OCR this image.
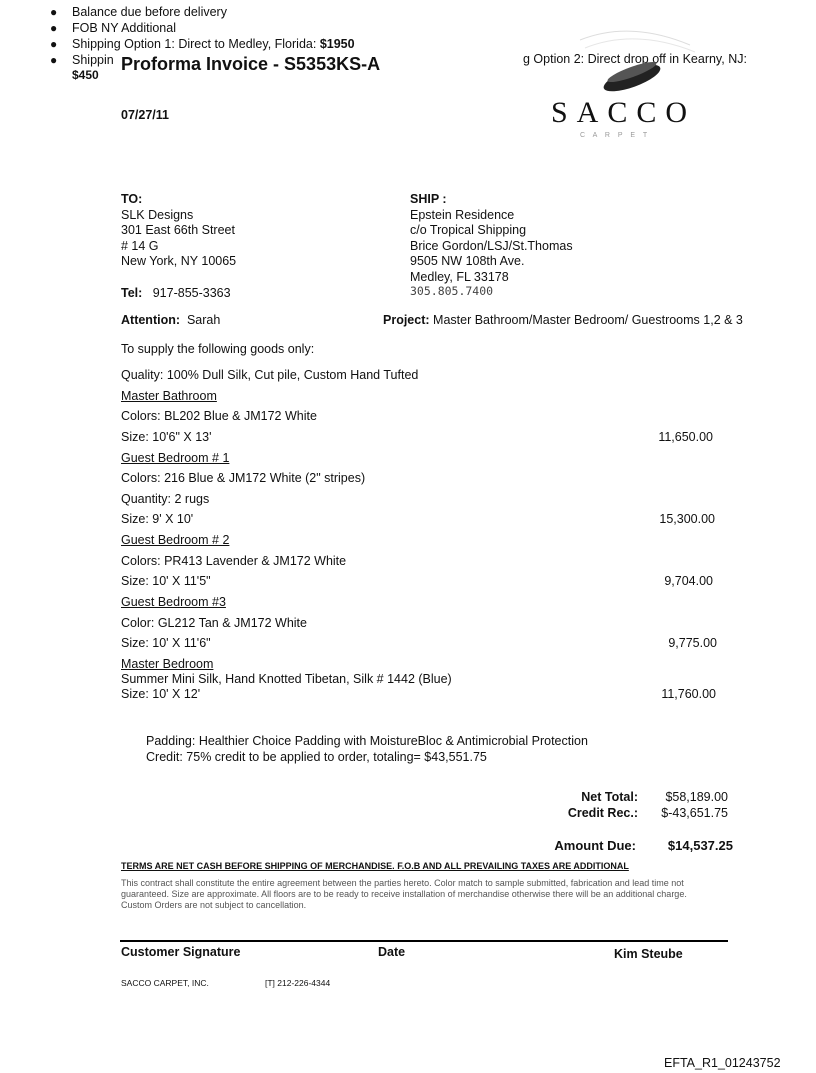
● Balance due before delivery
● FOB NY Additional
● Shipping Option 1: Direct to Medley, Florida: $1950
● Shippin
$450
g Option 2: Direct drop off in Kearny, NJ:
Proforma Invoice - S5353KS-A
SACCO
C A R P E T
07/27/11
TO:
SLK Designs
301 East 66th Street
# 14 G
New York, NY 10065
Tel: 917-855-3363
SHIP :
Epstein Residence
c/o Tropical Shipping
Brice Gordon/LSJ/St.Thomas
9505 NW 108th Ave.
Medley, FL 33178
305.805.7400
Attention: Sarah	Project: Master Bathroom/Master Bedroom/ Guestrooms 1,2 & 3
To supply the following goods only:
Quality: 100% Dull Silk, Cut pile, Custom Hand Tufted
Master Bathroom
Colors: BL202 Blue & JM172 White
Size: 10'6" X 13'	11,650.00
Guest Bedroom # 1
Colors: 216 Blue & JM172 White (2" stripes)
Quantity: 2 rugs
Size: 9' X 10'	15,300.00
Guest Bedroom # 2
Colors: PR413 Lavender & JM172 White
Size: 10' X 11'5"	9,704.00
Guest Bedroom #3
Color: GL212 Tan & JM172 White
Size: 10' X 11'6"	9,775.00
Master Bedroom
Summer Mini Silk, Hand Knotted Tibetan, Silk # 1442 (Blue)
Size: 10' X 12'	11,760.00
Padding: Healthier Choice Padding with MoistureBloc & Antimicrobial Protection
Credit: 75% credit to be applied to order, totaling= $43,551.75
Net Total:	$58,189.00
Credit Rec.:	$-43,651.75
Amount Due:	$14,537.25
TERMS ARE NET CASH BEFORE SHIPPING OF MERCHANDISE. F.O.B AND ALL PREVAILING TAXES ARE ADDITIONAL
This contract shall constitute the entire agreement between the parties hereto. Color match to sample submitted, fabrication and lead time not guaranteed. Size are approximate. All floors are to be ready to receive installation of merchandise otherwise there will be an additional charge. Custom Orders are not subject to cancellation.
Customer Signature	Date	Kim Steube
SACCO CARPET, INC.	[T] 212-226-4344
EFTA_R1_01243752
